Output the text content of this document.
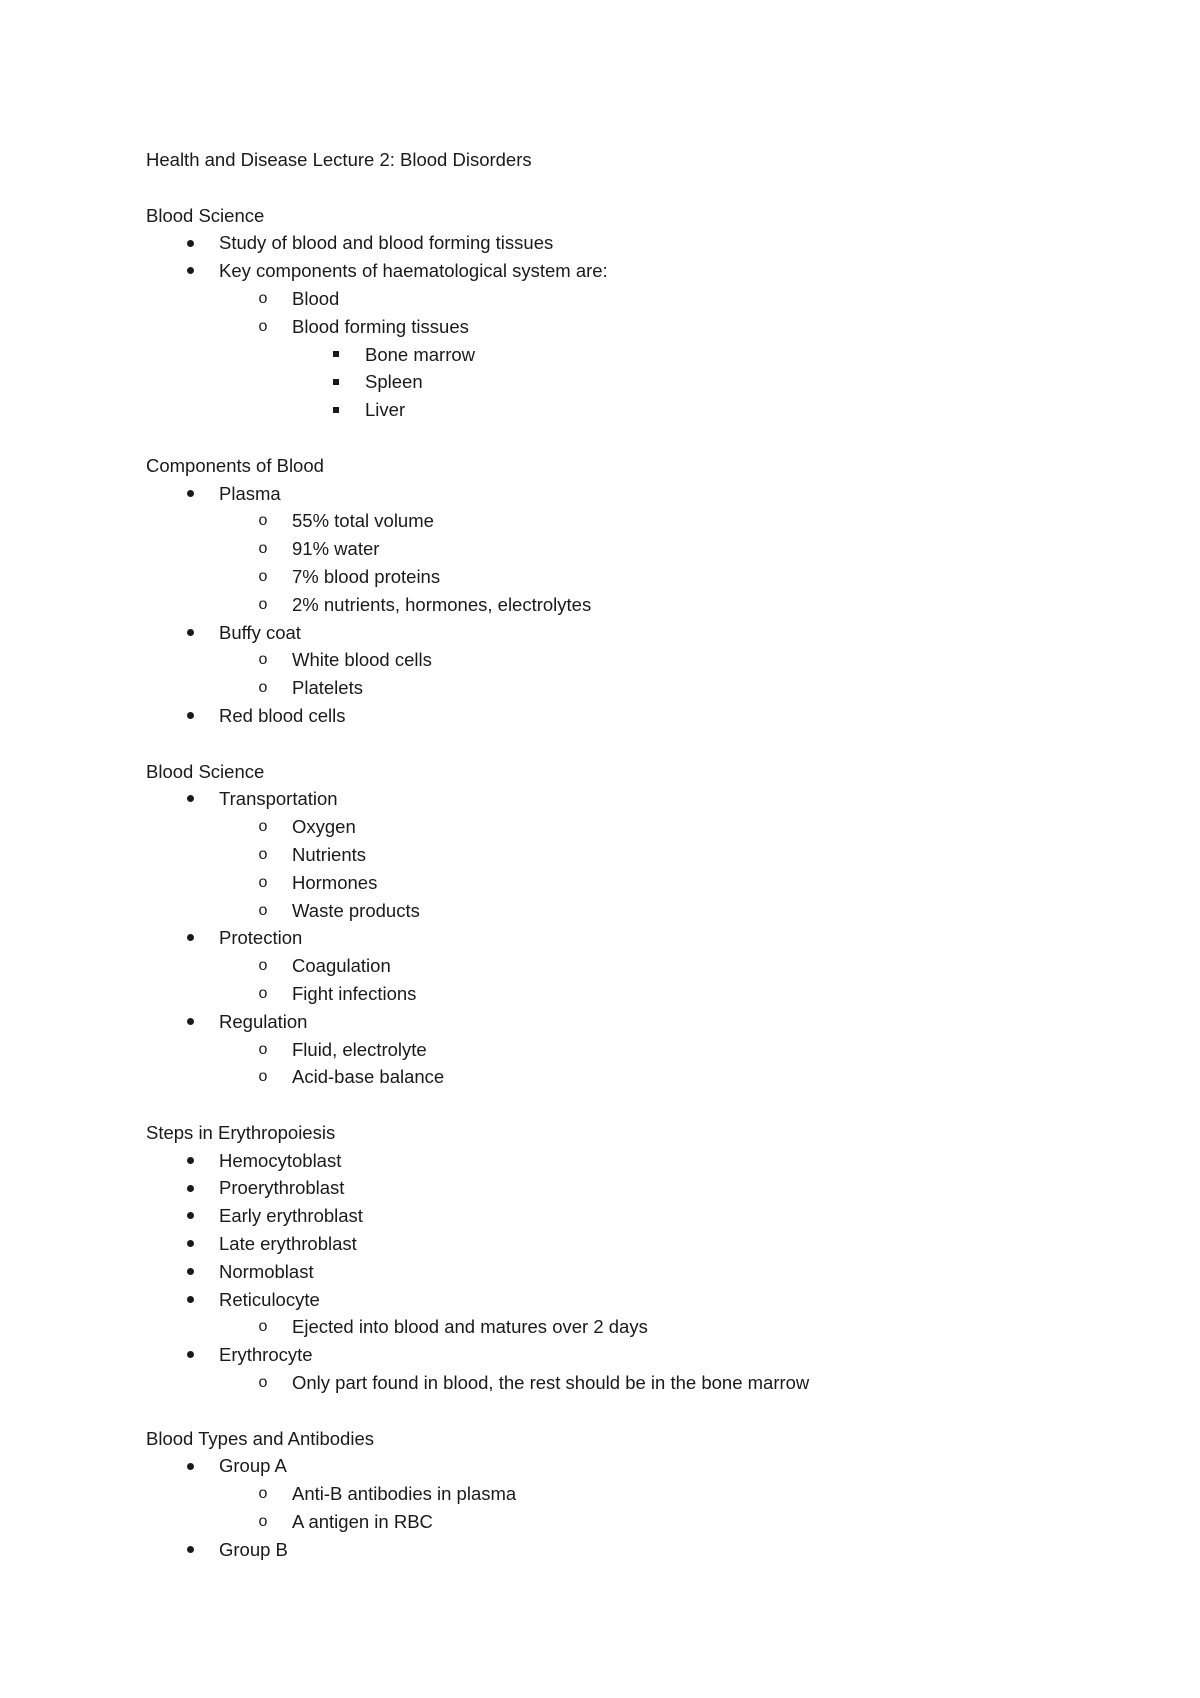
Health and Disease Lecture 2: Blood Disorders
Blood Science
Study of blood and blood forming tissues
Key components of haematological system are:
o Blood
o Blood forming tissues
Bone marrow
Spleen
Liver
Components of Blood
Plasma
o 55% total volume
o 91% water
o 7% blood proteins
o 2% nutrients, hormones, electrolytes
Buffy coat
o White blood cells
o Platelets
Red blood cells
Blood Science
Transportation
o Oxygen
o Nutrients
o Hormones
o Waste products
Protection
o Coagulation
o Fight infections
Regulation
o Fluid, electrolyte
o Acid-base balance
Steps in Erythropoiesis
Hemocytoblast
Proerythroblast
Early erythroblast
Late erythroblast
Normoblast
Reticulocyte
o Ejected into blood and matures over 2 days
Erythrocyte
o Only part found in blood, the rest should be in the bone marrow
Blood Types and Antibodies
Group A
o Anti-B antibodies in plasma
o A antigen in RBC
Group B
